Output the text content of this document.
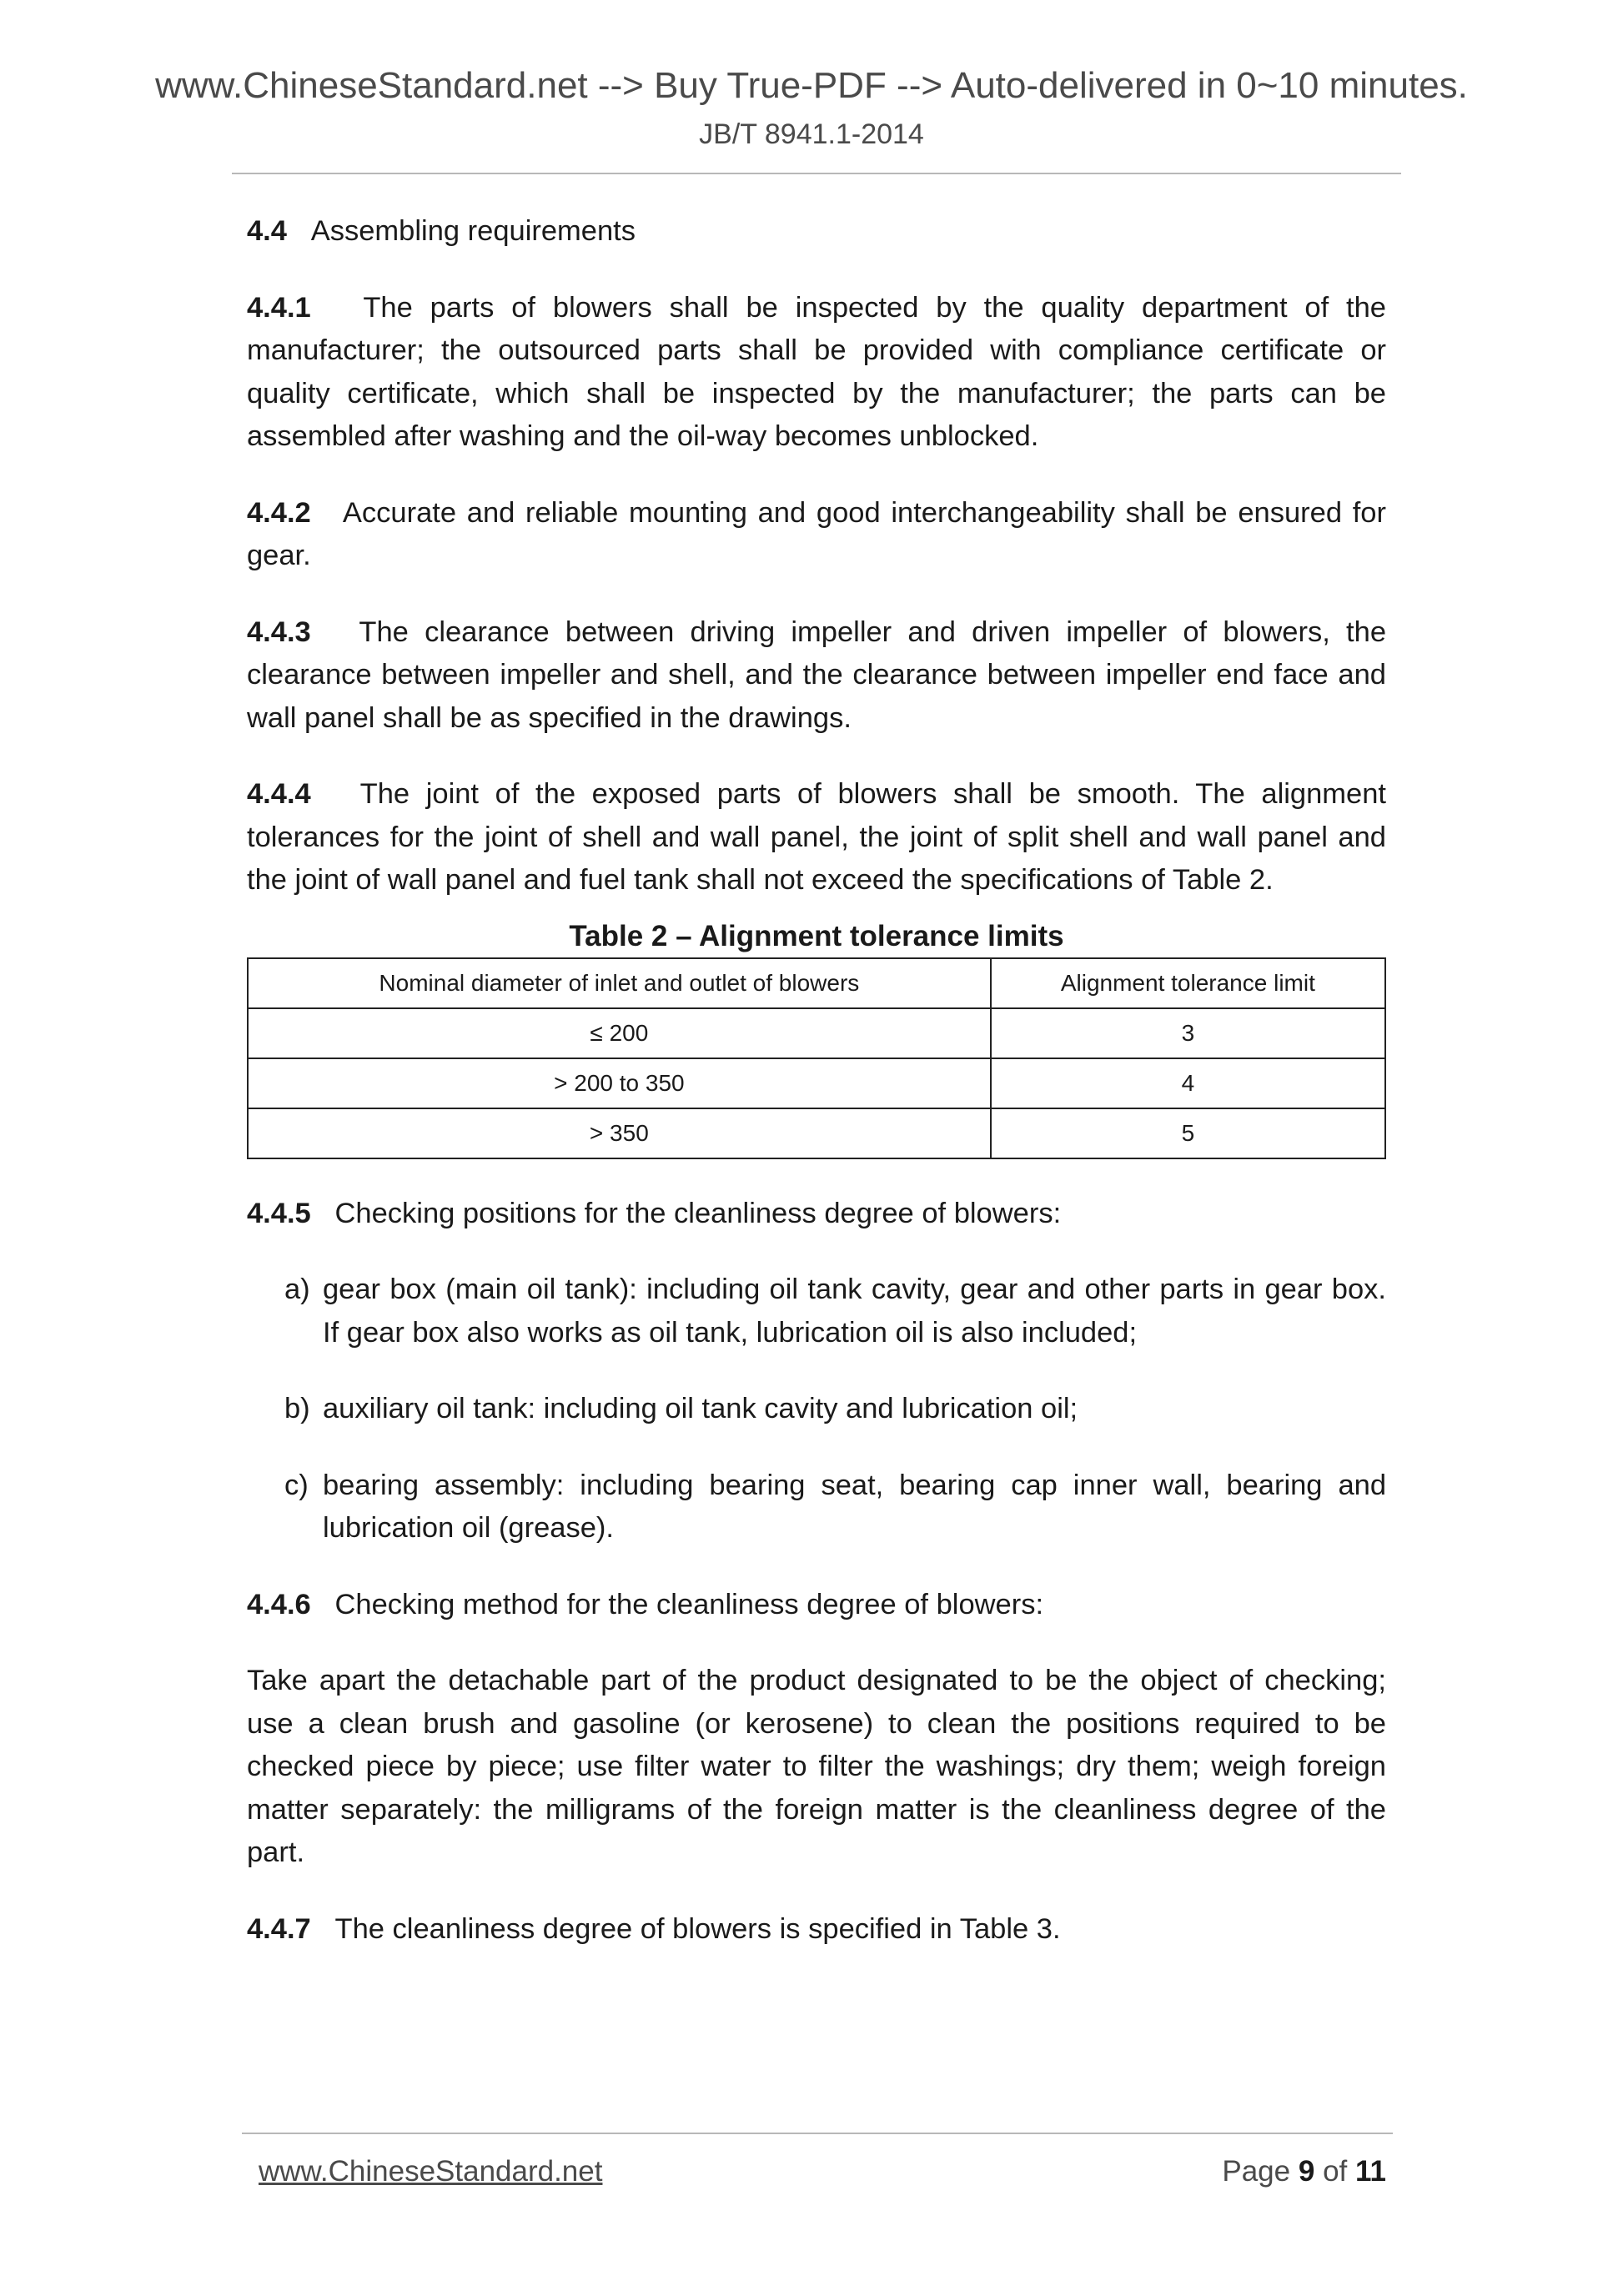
www.ChineseStandard.net --> Buy True-PDF --> Auto-delivered in 0~10 minutes.
JB/T 8941.1-2014

4.4 Assembling requirements

4.4.1 The parts of blowers shall be inspected by the quality department of the manufacturer; the outsourced parts shall be provided with compliance certificate or quality certificate, which shall be inspected by the manufacturer; the parts can be assembled after washing and the oil-way becomes unblocked.

4.4.2 Accurate and reliable mounting and good interchangeability shall be ensured for gear.

4.4.3 The clearance between driving impeller and driven impeller of blowers, the clearance between impeller and shell, and the clearance between impeller end face and wall panel shall be as specified in the drawings.

4.4.4 The joint of the exposed parts of blowers shall be smooth. The alignment tolerances for the joint of shell and wall panel, the joint of split shell and wall panel and the joint of wall panel and fuel tank shall not exceed the specifications of Table 2.

Table 2 – Alignment tolerance limits
Nominal diameter of inlet and outlet of blowers	Alignment tolerance limit
≤ 200	3
> 200 to 350	4
> 350	5

4.4.5 Checking positions for the cleanliness degree of blowers:

a) gear box (main oil tank): including oil tank cavity, gear and other parts in gear box. If gear box also works as oil tank, lubrication oil is also included;
b) auxiliary oil tank: including oil tank cavity and lubrication oil;
c) bearing assembly: including bearing seat, bearing cap inner wall, bearing and lubrication oil (grease).

4.4.6 Checking method for the cleanliness degree of blowers:

Take apart the detachable part of the product designated to be the object of checking; use a clean brush and gasoline (or kerosene) to clean the positions required to be checked piece by piece; use filter water to filter the washings; dry them; weigh foreign matter separately: the milligrams of the foreign matter is the cleanliness degree of the part.

4.4.7 The cleanliness degree of blowers is specified in Table 3.

www.ChineseStandard.net	Page 9 of 11
